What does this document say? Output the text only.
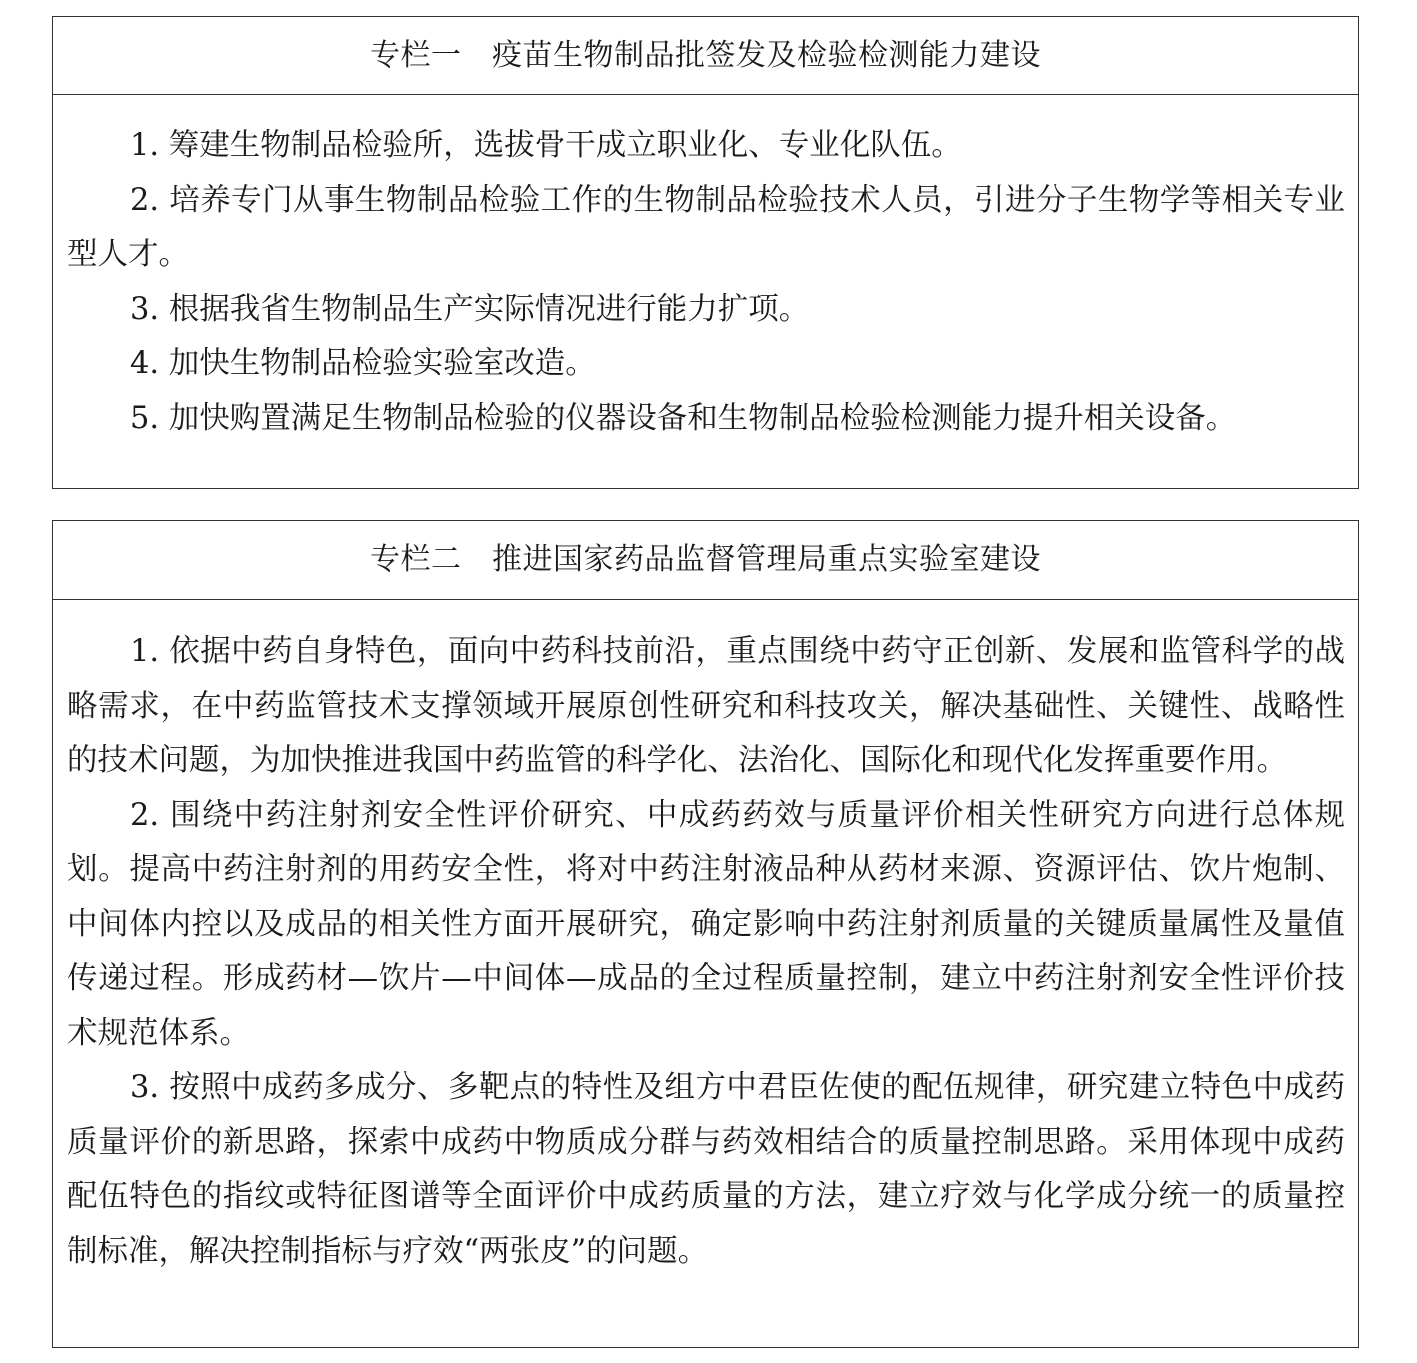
专栏一　疫苗生物制品批签发及检验检测能力建设

1. 筹建生物制品检验所，选拔骨干成立职业化、专业化队伍。

2. 培养专门从事生物制品检验工作的生物制品检验技术人员，引进分子生物学等相关专业型人才。

3. 根据我省生物制品生产实际情况进行能力扩项。

4. 加快生物制品检验实验室改造。

5. 加快购置满足生物制品检验的仪器设备和生物制品检验检测能力提升相关设备。

专栏二　推进国家药品监督管理局重点实验室建设

1. 依据中药自身特色，面向中药科技前沿，重点围绕中药守正创新、发展和监管科学的战略需求，在中药监管技术支撑领域开展原创性研究和科技攻关，解决基础性、关键性、战略性的技术问题，为加快推进我国中药监管的科学化、法治化、国际化和现代化发挥重要作用。

2. 围绕中药注射剂安全性评价研究、中成药药效与质量评价相关性研究方向进行总体规划。提高中药注射剂的用药安全性，将对中药注射液品种从药材来源、资源评估、饮片炮制、中间体内控以及成品的相关性方面开展研究，确定影响中药注射剂质量的关键质量属性及量值传递过程。形成药材—饮片—中间体—成品的全过程质量控制，建立中药注射剂安全性评价技术规范体系。

3. 按照中成药多成分、多靶点的特性及组方中君臣佐使的配伍规律，研究建立特色中成药质量评价的新思路，探索中成药中物质成分群与药效相结合的质量控制思路。采用体现中成药配伍特色的指纹或特征图谱等全面评价中成药质量的方法，建立疗效与化学成分统一的质量控制标准，解决控制指标与疗效“两张皮”的问题。
